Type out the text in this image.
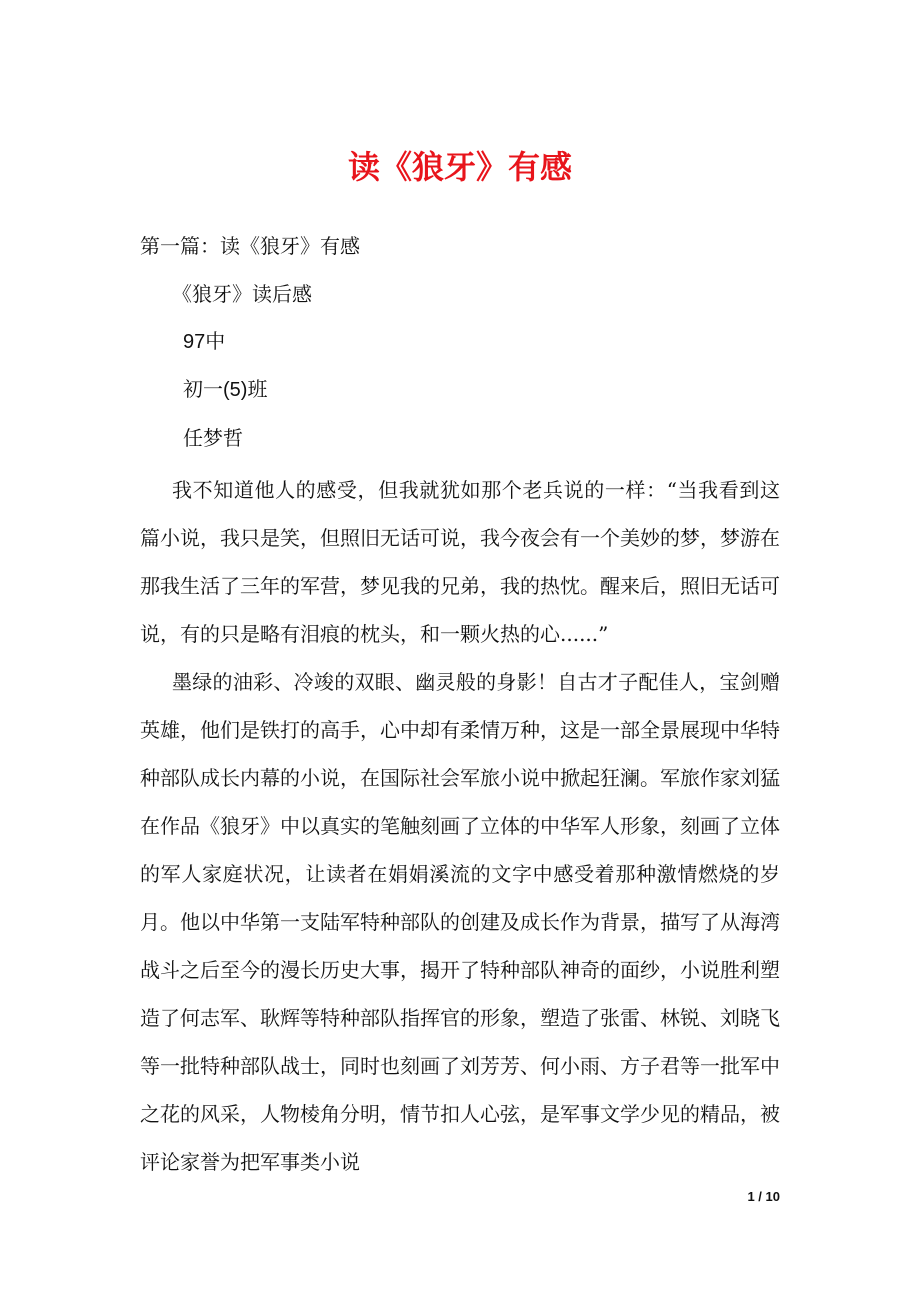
读《狼牙》有感

第一篇：读《狼牙》有感

《狼牙》读后感

97中

初一(5)班

任梦哲

我不知道他人的感受，但我就犹如那个老兵说的一样：“当我看到这篇小说，我只是笑，但照旧无话可说，我今夜会有一个美妙的梦，梦游在那我生活了三年的军营，梦见我的兄弟，我的热忱。醒来后，照旧无话可说，有的只是略有泪痕的枕头，和一颗火热的心......”

墨绿的油彩、冷竣的双眼、幽灵般的身影！自古才子配佳人，宝剑赠英雄，他们是铁打的高手，心中却有柔情万种，这是一部全景展现中华特种部队成长内幕的小说，在国际社会军旅小说中掀起狂澜。军旅作家刘猛在作品《狼牙》中以真实的笔触刻画了立体的中华军人形象，刻画了立体的军人家庭状况，让读者在娟娟溪流的文字中感受着那种激情燃烧的岁月。他以中华第一支陆军特种部队的创建及成长作为背景，描写了从海湾战斗之后至今的漫长历史大事，揭开了特种部队神奇的面纱，小说胜利塑造了何志军、耿辉等特种部队指挥官的形象，塑造了张雷、林锐、刘晓飞等一批特种部队战士，同时也刻画了刘芳芳、何小雨、方子君等一批军中之花的风采，人物棱角分明，情节扣人心弦，是军事文学少见的精品，被评论家誉为把军事类小说

1 / 10
